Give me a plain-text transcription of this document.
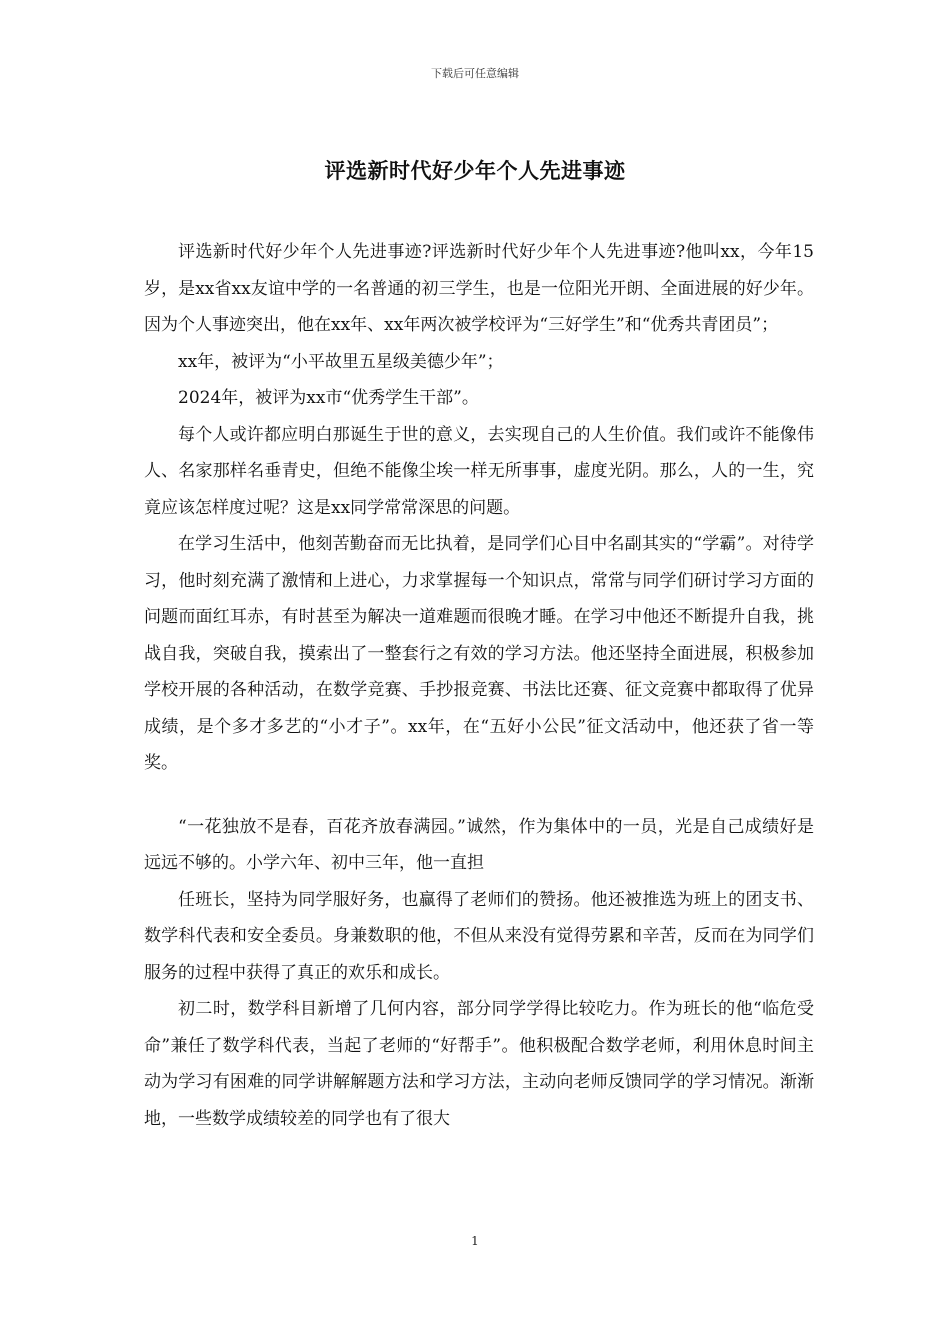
下载后可任意编辑
评选新时代好少年个人先进事迹

评选新时代好少年个人先进事迹?评选新时代好少年个人先进事迹?他叫xx，今年15岁，是xx省xx友谊中学的一名普通的初三学生，也是一位阳光开朗、全面进展的好少年。因为个人事迹突出，他在xx年、xx年两次被学校评为“三好学生”和“优秀共青团员”；

xx年，被评为“小平故里五星级美德少年”；

2024年，被评为xx市“优秀学生干部”。

每个人或许都应明白那诞生于世的意义，去实现自己的人生价值。我们或许不能像伟人、名家那样名垂青史，但绝不能像尘埃一样无所事事，虚度光阴。那么，人的一生，究竟应该怎样度过呢？这是xx同学常常深思的问题。

在学习生活中，他刻苦勤奋而无比执着，是同学们心目中名副其实的“学霸”。对待学习，他时刻充满了激情和上进心，力求掌握每一个知识点，常常与同学们研讨学习方面的问题而面红耳赤，有时甚至为解决一道难题而很晚才睡。在学习中他还不断提升自我，挑战自我，突破自我，摸索出了一整套行之有效的学习方法。他还坚持全面进展，积极参加学校开展的各种活动，在数学竞赛、手抄报竞赛、书法比还赛、征文竞赛中都取得了优异成绩，是个多才多艺的“小才子”。xx年，在“五好小公民”征文活动中，他还获了省一等奖。

“一花独放不是春，百花齐放春满园。”诚然，作为集体中的一员，光是自己成绩好是远远不够的。小学六年、初中三年，他一直担

任班长，坚持为同学服好务，也赢得了老师们的赞扬。他还被推选为班上的团支书、数学科代表和安全委员。身兼数职的他，不但从来没有觉得劳累和辛苦，反而在为同学们服务的过程中获得了真正的欢乐和成长。

初二时，数学科目新增了几何内容，部分同学学得比较吃力。作为班长的他“临危受命”兼任了数学科代表，当起了老师的“好帮手”。他积极配合数学老师，利用休息时间主动为学习有困难的同学讲解解题方法和学习方法，主动向老师反馈同学的学习情况。渐渐地，一些数学成绩较差的同学也有了很大

1
